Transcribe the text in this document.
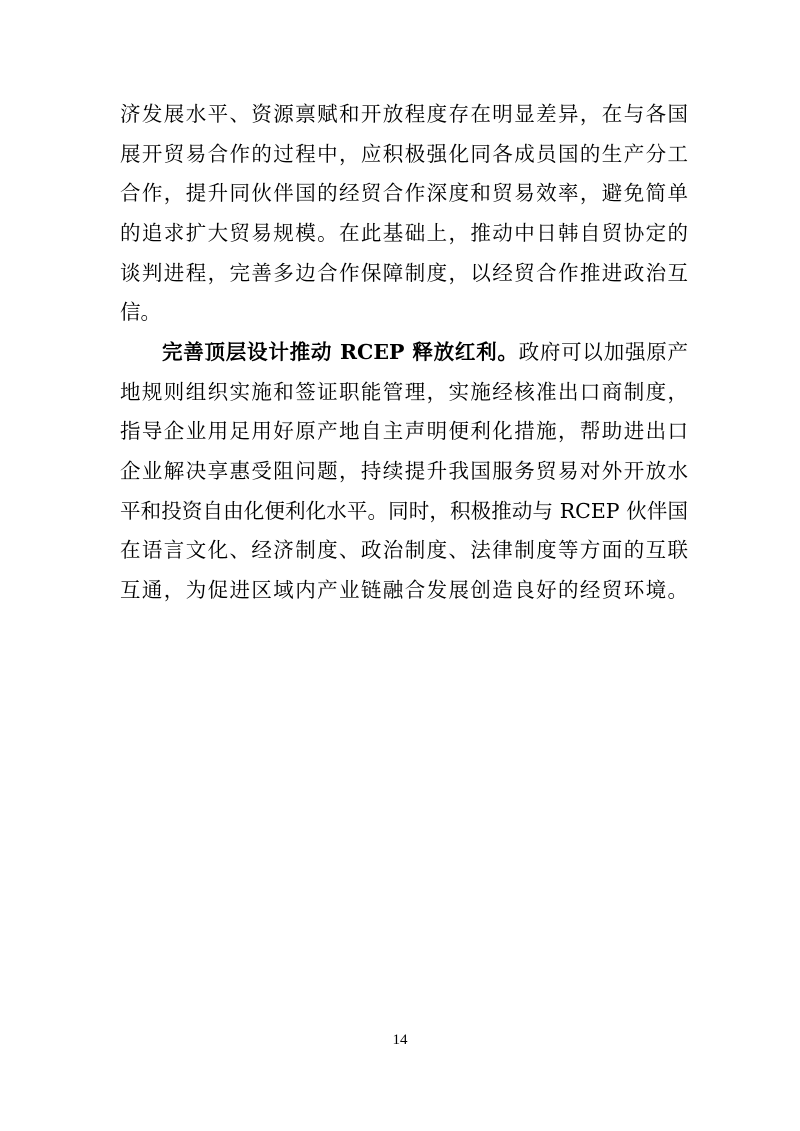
济发展水平、资源禀赋和开放程度存在明显差异，在与各国
展开贸易合作的过程中，应积极强化同各成员国的生产分工
合作，提升同伙伴国的经贸合作深度和贸易效率，避免简单
的追求扩大贸易规模。在此基础上，推动中日韩自贸协定的
谈判进程，完善多边合作保障制度，以经贸合作推进政治互
信。
完善顶层设计推动 RCEP 释放红利。政府可以加强原产
地规则组织实施和签证职能管理，实施经核准出口商制度，
指导企业用足用好原产地自主声明便利化措施，帮助进出口
企业解决享惠受阻问题，持续提升我国服务贸易对外开放水
平和投资自由化便利化水平。同时，积极推动与 RCEP 伙伴国
在语言文化、经济制度、政治制度、法律制度等方面的互联
互通，为促进区域内产业链融合发展创造良好的经贸环境。
14
